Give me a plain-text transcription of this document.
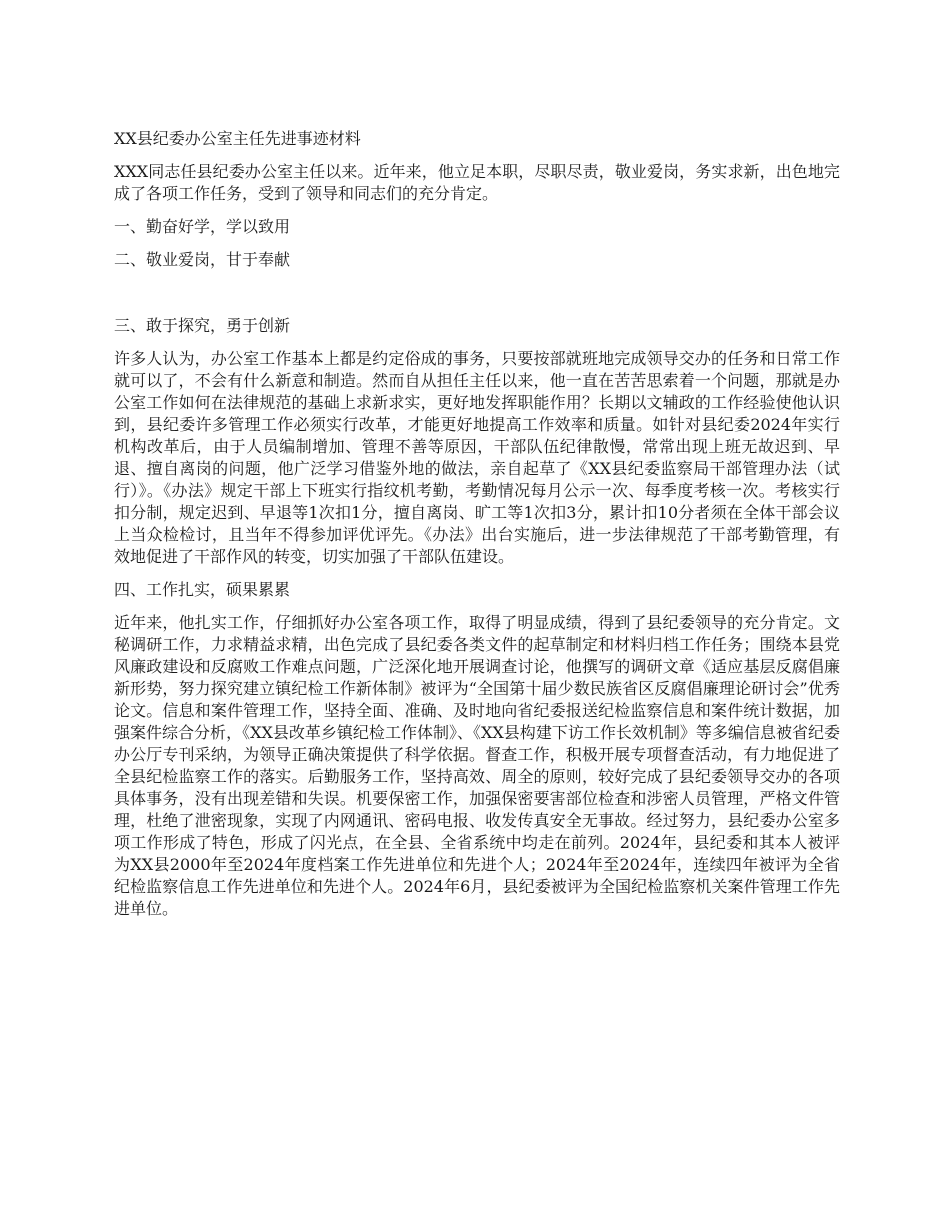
XX县纪委办公室主任先进事迹材料

XXX同志任县纪委办公室主任以来。近年来，他立足本职，尽职尽责，敬业爱岗，务实求新，出色地完成了各项工作任务，受到了领导和同志们的充分肯定。

一、勤奋好学，学以致用
二、敬业爱岗，甘于奉献
三、敢于探究，勇于创新

许多人认为，办公室工作基本上都是约定俗成的事务，只要按部就班地完成领导交办的任务和日常工作就可以了，不会有什么新意和制造。然而自从担任主任以来，他一直在苦苦思索着一个问题，那就是办公室工作如何在法律规范的基础上求新求实，更好地发挥职能作用？长期以文辅政的工作经验使他认识到，县纪委许多管理工作必须实行改革，才能更好地提高工作效率和质量。如针对县纪委2024年实行机构改革后，由于人员编制增加、管理不善等原因，干部队伍纪律散慢，常常出现上班无故迟到、早退、擅自离岗的问题，他广泛学习借鉴外地的做法，亲自起草了《XX县纪委监察局干部管理办法（试行）》。《办法》规定干部上下班实行指纹机考勤，考勤情况每月公示一次、每季度考核一次。考核实行扣分制，规定迟到、早退等1次扣1分，擅自离岗、旷工等1次扣3分，累计扣10分者须在全体干部会议上当众检检讨，且当年不得参加评优评先。《办法》出台实施后，进一步法律规范了干部考勤管理，有效地促进了干部作风的转变，切实加强了干部队伍建设。

四、工作扎实，硕果累累

近年来，他扎实工作，仔细抓好办公室各项工作，取得了明显成绩，得到了县纪委领导的充分肯定。文秘调研工作，力求精益求精，出色完成了县纪委各类文件的起草制定和材料归档工作任务；围绕本县党风廉政建设和反腐败工作难点问题，广泛深化地开展调查讨论，他撰写的调研文章《适应基层反腐倡廉新形势，努力探究建立镇纪检工作新体制》被评为“全国第十届少数民族省区反腐倡廉理论研讨会”优秀论文。信息和案件管理工作，坚持全面、准确、及时地向省纪委报送纪检监察信息和案件统计数据，加强案件综合分析，《XX县改革乡镇纪检工作体制》、《XX县构建下访工作长效机制》等多编信息被省纪委办公厅专刊采纳，为领导正确决策提供了科学依据。督查工作，积极开展专项督查活动，有力地促进了全县纪检监察工作的落实。后勤服务工作，坚持高效、周全的原则，较好完成了县纪委领导交办的各项具体事务，没有出现差错和失误。机要保密工作，加强保密要害部位检查和涉密人员管理，严格文件管理，杜绝了泄密现象，实现了内网通讯、密码电报、收发传真安全无事故。经过努力，县纪委办公室多项工作形成了特色，形成了闪光点，在全县、全省系统中均走在前列。2024年，县纪委和其本人被评为XX县2000年至2024年度档案工作先进单位和先进个人；2024年至2024年，连续四年被评为全省纪检监察信息工作先进单位和先进个人。2024年6月，县纪委被评为全国纪检监察机关案件管理工作先进单位。
